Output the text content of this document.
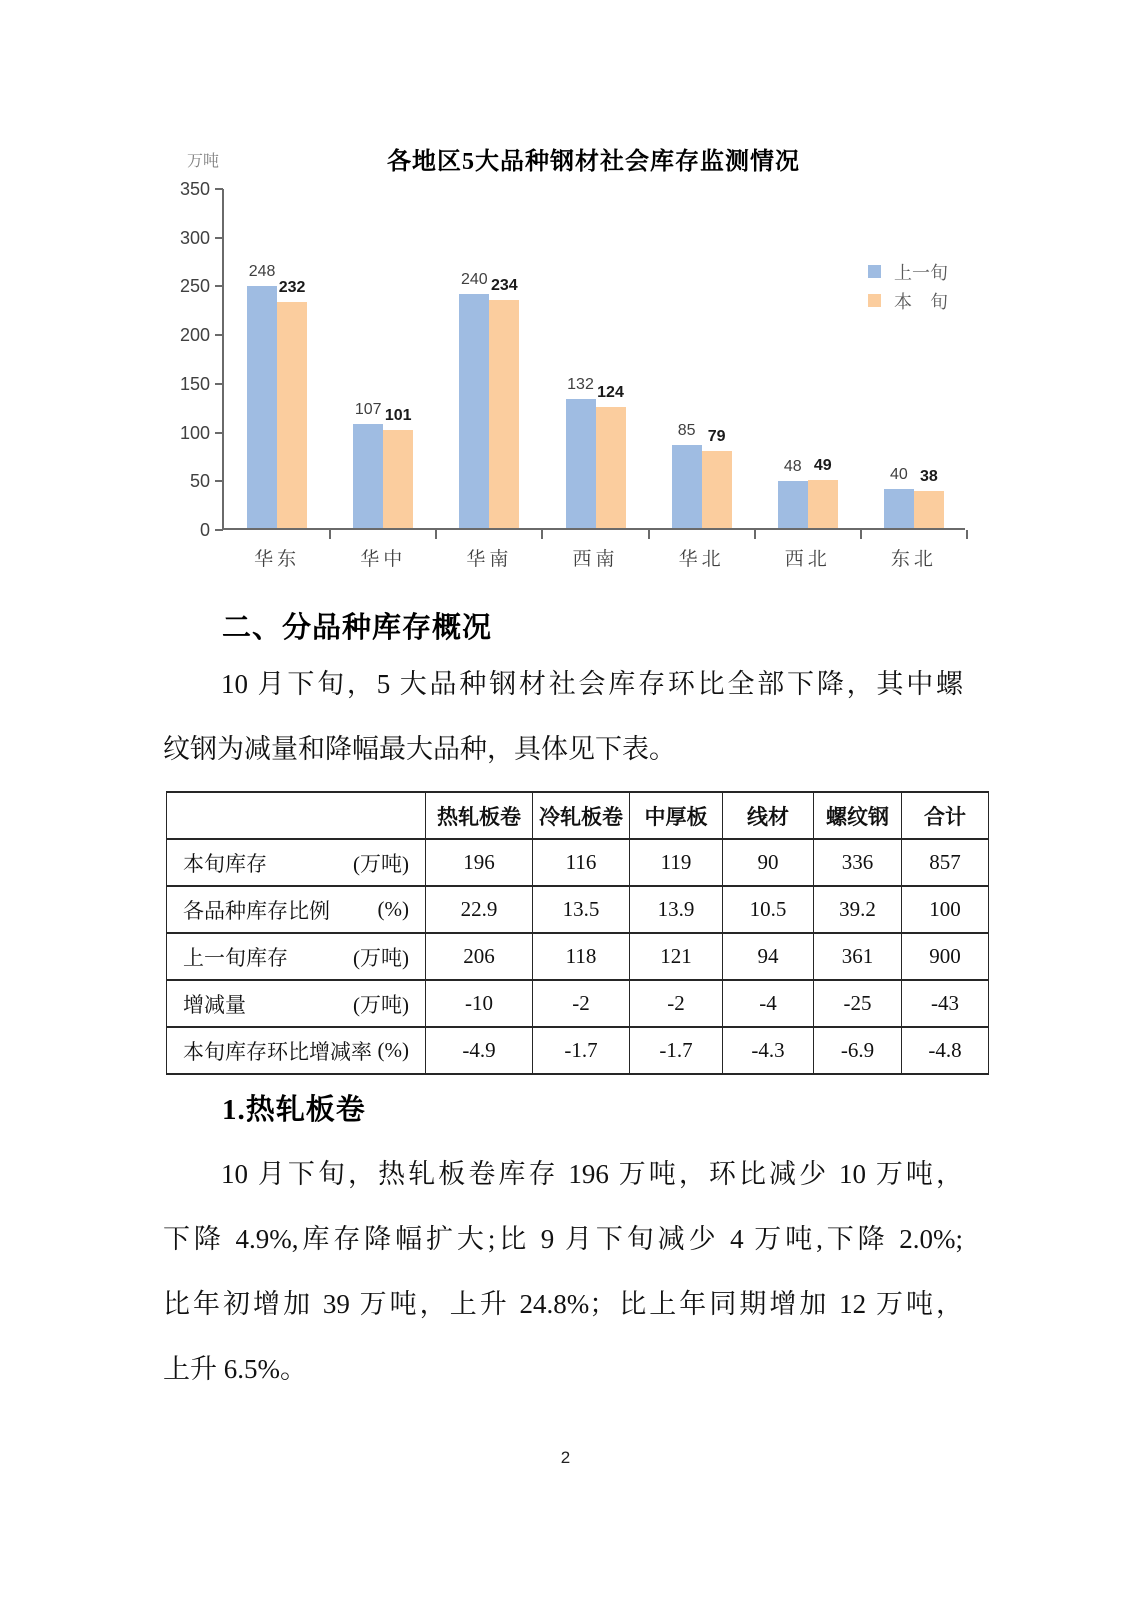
万吨	各地区5大品种钢材社会库存监测情况
0
50
100
150
200
250
300
350
248
232
华东
107 101
华中
240 234
华南
132 124
西南
85 79
华北
48 49
西北
40 38
东北
上一旬
本　旬
二、分品种库存概况
10 月下旬，5 大品种钢材社会库存环比全部下降，其中螺
纹钢为减量和降幅最大品种，具体见下表。
	热轧板卷	冷轧板卷	中厚板	线材	螺纹钢	合计

本旬库存 (万吨)	196	116	119	90	336	857

各品种库存比例 (%)	22.9	13.5	13.9	10.5	39.2	100

上一旬库存 (万吨)	206	118	121	94	361	900

增减量 (万吨)	-10	-2	-2	-4	-25	-43

本旬库存环比增减率 (%)	-4.9	-1.7	-1.7	-4.3	-6.9	-4.8
1.热轧板卷
10 月下旬，热轧板卷库存 196 万吨，环比减少 10 万吨，
下降 4.9%,库存降幅扩大;比 9 月下旬减少 4 万吨,下降 2.0%;
比年初增加 39 万吨，上升 24.8%；比上年同期增加 12 万吨，
上升 6.5%。
2
